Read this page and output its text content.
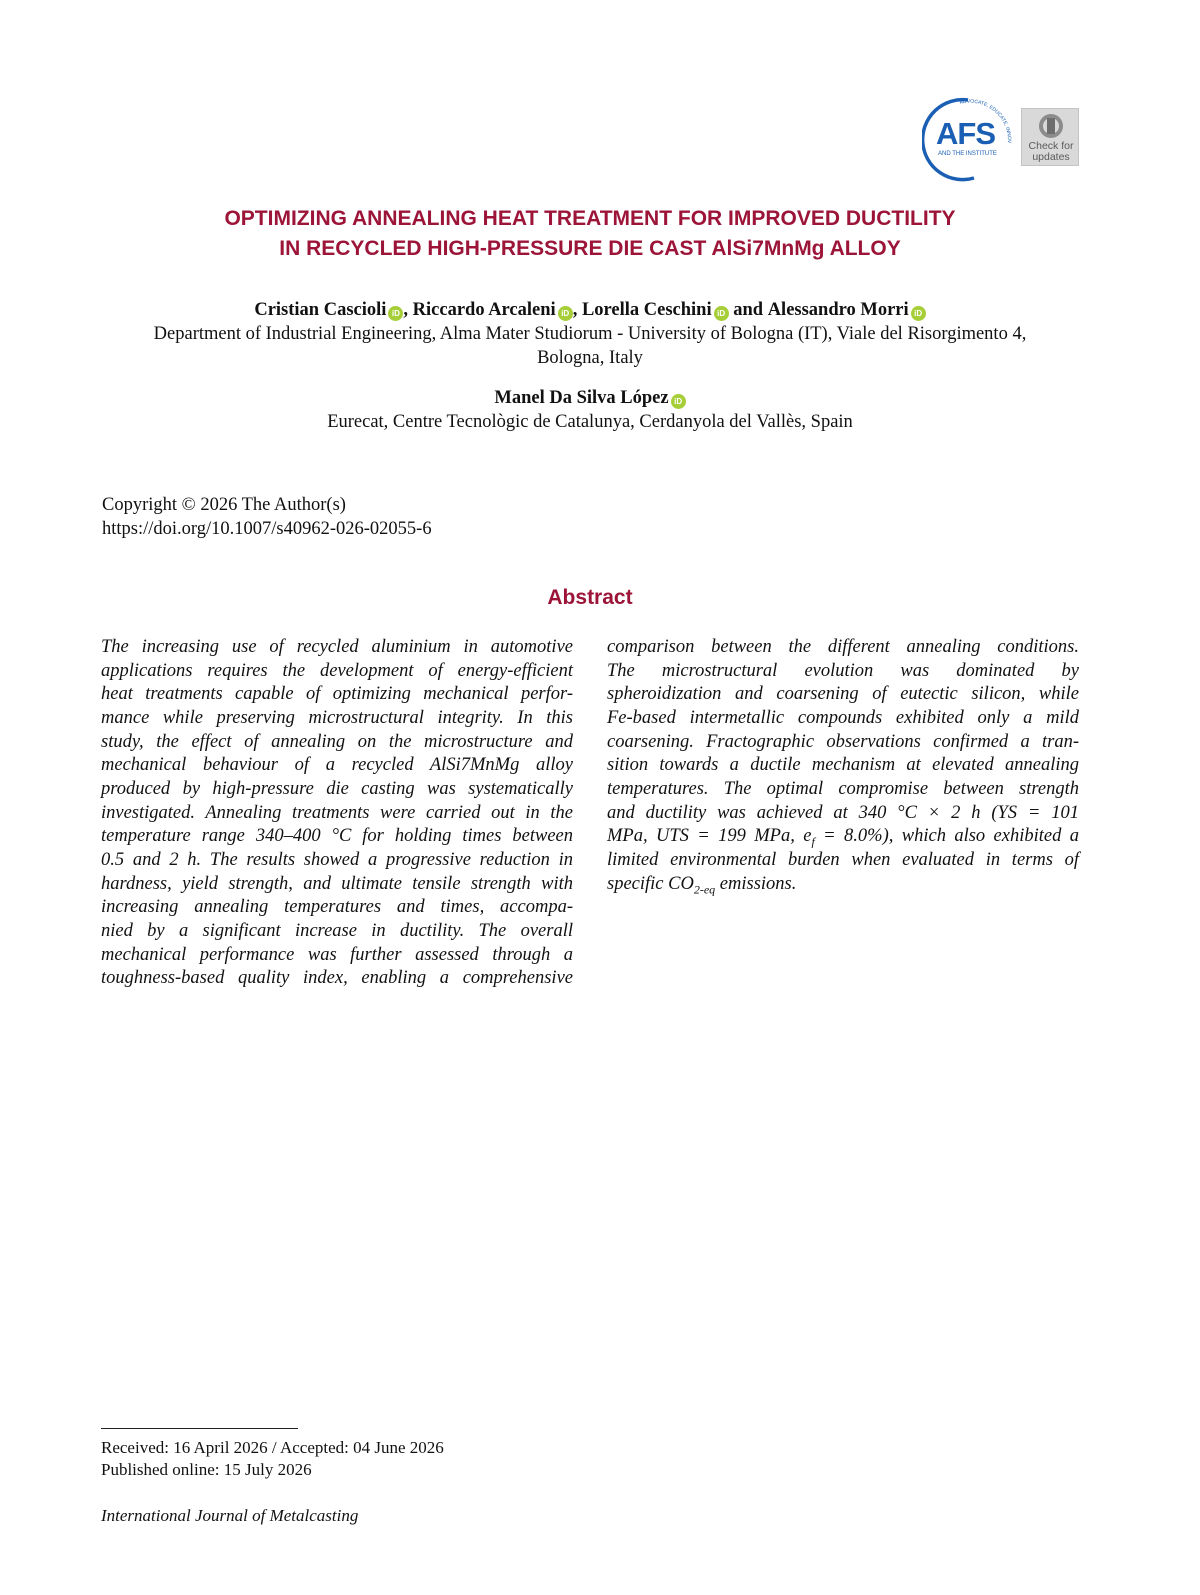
ADVOCATE, EDUCATE, INNOV
AFS
AND THE INSTITUTE
Check for updates
OPTIMIZING ANNEALING HEAT TREATMENT FOR IMPROVED DUCTILITY
IN RECYCLED HIGH-PRESSURE DIE CAST AlSi7MnMg ALLOY
Cristian Cascioli iD , Riccardo Arcaleni iD , Lorella Ceschini iD and Alessandro Morri iD
Department of Industrial Engineering, Alma Mater Studiorum - University of Bologna (IT), Viale del Risorgimento 4,
Bologna, Italy
Manel Da Silva López iD
Eurecat, Centre Tecnològic de Catalunya, Cerdanyola del Vallès, Spain
Copyright © 2026 The Author(s)
https://doi.org/10.1007/s40962-026-02055-6
Abstract
The increasing use of recycled aluminium in automotive
applications requires the development of energy-efficient
heat treatments capable of optimizing mechanical perfor-
mance while preserving microstructural integrity. In this
study, the effect of annealing on the microstructure and
mechanical behaviour of a recycled AlSi7MnMg alloy
produced by high-pressure die casting was systematically
investigated. Annealing treatments were carried out in the
temperature range 340–400 °C for holding times between
0.5 and 2 h. The results showed a progressive reduction in
hardness, yield strength, and ultimate tensile strength with
increasing annealing temperatures and times, accompa-
nied by a significant increase in ductility. The overall
mechanical performance was further assessed through a
toughness-based quality index, enabling a comprehensive
comparison between the different annealing conditions.
The microstructural evolution was dominated by
spheroidization and coarsening of eutectic silicon, while
Fe-based intermetallic compounds exhibited only a mild
coarsening. Fractographic observations confirmed a tran-
sition towards a ductile mechanism at elevated annealing
temperatures. The optimal compromise between strength
and ductility was achieved at 340 °C × 2 h (YS = 101
MPa, UTS = 199 MPa, $e_f = 8.0\%$), which also exhibited a
limited environmental burden when evaluated in terms of
specific $CO_{2-eq}$ emissions.
Received: 16 April 2026 / Accepted: 04 June 2026
Published online: 15 July 2026
International Journal of Metalcasting
